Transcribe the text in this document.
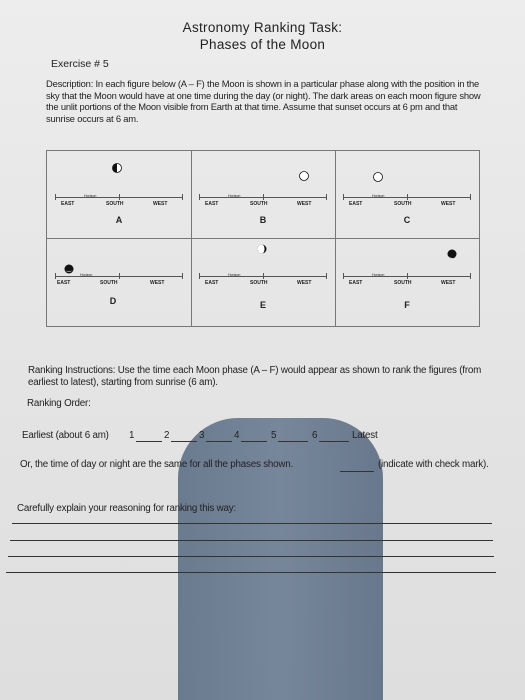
Astronomy Ranking Task:
Phases of the Moon
Exercise # 5
Description: In each figure below (A – F) the Moon is shown in a particular phase along with the position in the sky that the Moon would have at one time during the day (or night). The dark areas on each moon figure show the unlit portions of the Moon visible from Earth at that time. Assume that sunset occurs at 6 pm and that sunrise occurs at 6 am.
EAST
Horizon
SOUTH	WEST
A
EAST
Horizon
SOUTH	WEST
B
EAST
Horizon
SOUTH	WEST
C
EAST
Horizon
SOUTH	WEST
D
EAST
Horizon
SOUTH	WEST
E
EAST
Horizon
SOUTH	WEST
F
Ranking Instructions: Use the time each Moon phase (A – F) would appear as shown to rank the figures (from earliest to latest), starting from sunrise (6 am).
Ranking Order:
Earliest (about 6 am) 1	2	3	4	5	6	Latest
Or, the time of day or night are the same for all the phases shown.	(indicate with check mark).
Carefully explain your reasoning for ranking this way:
